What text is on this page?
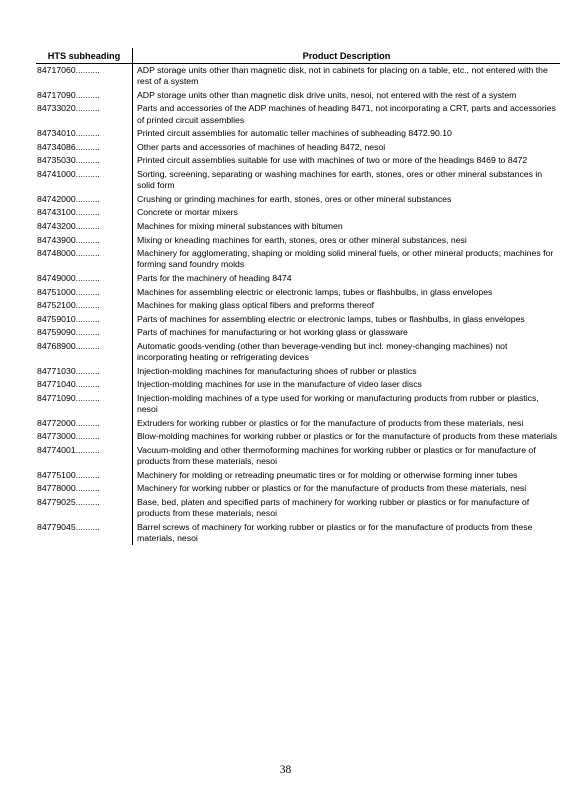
HTS subheading	Product Description
84717060..........	ADP storage units other than magnetic disk, not in cabinets for placing on a table, etc., not entered with the rest of a system
84717090..........	ADP storage units other than magnetic disk drive units, nesoi, not entered with the rest of a system
84733020..........	Parts and accessories of the ADP machines of heading 8471, not incorporating a CRT, parts and accessories of printed circuit assemblies
84734010..........	Printed circuit assemblies for automatic teller machines of subheading 8472.90.10
84734086..........	Other parts and accessories of machines of heading 8472, nesoi
84735030..........	Printed circuit assemblies suitable for use with machines of two or more of the headings 8469 to 8472
84741000..........	Sorting, screening, separating or washing machines for earth, stones, ores or other mineral substances in solid form
84742000..........	Crushing or grinding machines for earth, stones, ores or other mineral substances
84743100..........	Concrete or mortar mixers
84743200..........	Machines for mixing mineral substances with bitumen
84743900..........	Mixing or kneading machines for earth, stones, ores or other mineral substances, nesi
84748000..........	Machinery for agglomerating, shaping or molding solid mineral fuels, or other mineral products; machines for forming sand foundry molds
84749000..........	Parts for the machinery of heading 8474
84751000..........	Machines for assembling electric or electronic lamps, tubes or flashbulbs, in glass envelopes
84752100..........	Machines for making glass optical fibers and preforms thereof
84759010..........	Parts of machines for assembling electric or electronic lamps, tubes or flashbulbs, in glass envelopes
84759090..........	Parts of machines for manufacturing or hot working glass or glassware
84768900..........	Automatic goods-vending (other than beverage-vending but incl. money-changing machines) not incorporating heating or refrigerating devices
84771030..........	Injection-molding machines for manufacturing shoes of rubber or plastics
84771040..........	Injection-molding machines for use in the manufacture of video laser discs
84771090..........	Injection-molding machines of a type used for working or manufacturing products from rubber or plastics, nesoi
84772000..........	Extruders for working rubber or plastics or for the manufacture of products from these materials, nesi
84773000..........	Blow-molding machines for working rubber or plastics or for the manufacture of products from these materials
84774001..........	Vacuum-molding and other thermoforming machines for working rubber or plastics or for manufacture of products from these materials, nesoi
84775100..........	Machinery for molding or retreading pneumatic tires or for molding or otherwise forming inner tubes
84778000..........	Machinery for working rubber or plastics or for the manufacture of products from these materials, nesi
84779025..........	Base, bed, platen and specified parts of machinery for working rubber or plastics or for manufacture of products from these materials, nesoi
84779045..........	Barrel screws of machinery for working rubber or plastics or for the manufacture of products from these materials, nesoi
38
